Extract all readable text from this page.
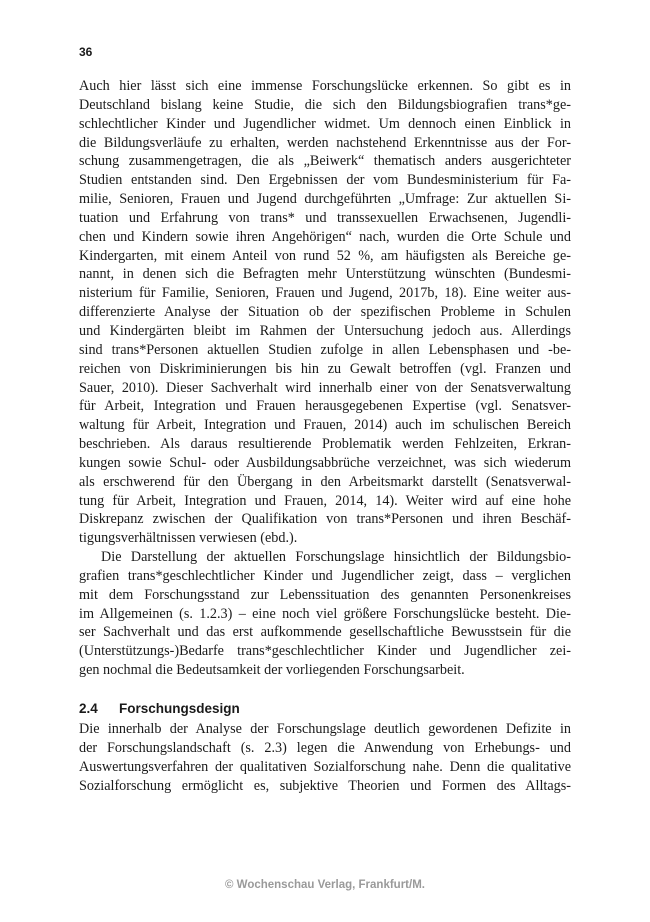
36
Auch hier lässt sich eine immense Forschungslücke erkennen. So gibt es in
Deutschland bislang keine Studie, die sich den Bildungsbiografien trans*ge-
schlechtlicher Kinder und Jugendlicher widmet. Um dennoch einen Einblick in
die Bildungsverläufe zu erhalten, werden nachstehend Erkenntnisse aus der For-
schung zusammengetragen, die als „Beiwerk“ thematisch anders ausgerichteter
Studien entstanden sind. Den Ergebnissen der vom Bundesministerium für Fa-
milie, Senioren, Frauen und Jugend durchgeführten „Umfrage: Zur aktuellen Si-
tuation und Erfahrung von trans* und transsexuellen Erwachsenen, Jugendli-
chen und Kindern sowie ihren Angehörigen“ nach, wurden die Orte Schule und
Kindergarten, mit einem Anteil von rund 52 %, am häufigsten als Bereiche ge-
nannt, in denen sich die Befragten mehr Unterstützung wünschten (Bundesmi-
nisterium für Familie, Senioren, Frauen und Jugend, 2017b, 18). Eine weiter aus-
differenzierte Analyse der Situation ob der spezifischen Probleme in Schulen
und Kindergärten bleibt im Rahmen der Untersuchung jedoch aus. Allerdings
sind trans*Personen aktuellen Studien zufolge in allen Lebensphasen und -be-
reichen von Diskriminierungen bis hin zu Gewalt betroffen (vgl. Franzen und
Sauer, 2010). Dieser Sachverhalt wird innerhalb einer von der Senatsverwaltung
für Arbeit, Integration und Frauen herausgegebenen Expertise (vgl. Senatsver-
waltung für Arbeit, Integration und Frauen, 2014) auch im schulischen Bereich
beschrieben. Als daraus resultierende Problematik werden Fehlzeiten, Erkran-
kungen sowie Schul- oder Ausbildungsabbrüche verzeichnet, was sich wiederum
als erschwerend für den Übergang in den Arbeitsmarkt darstellt (Senatsverwal-
tung für Arbeit, Integration und Frauen, 2014, 14). Weiter wird auf eine hohe
Diskrepanz zwischen der Qualifikation von trans*Personen und ihren Beschäf-
tigungsverhältnissen verwiesen (ebd.).
Die Darstellung der aktuellen Forschungslage hinsichtlich der Bildungsbio-
grafien trans*geschlechtlicher Kinder und Jugendlicher zeigt, dass – verglichen
mit dem Forschungsstand zur Lebenssituation des genannten Personenkreises
im Allgemeinen (s. 1.2.3) – eine noch viel größere Forschungslücke besteht. Die-
ser Sachverhalt und das erst aufkommende gesellschaftliche Bewusstsein für die
(Unterstützungs-)Bedarfe trans*geschlechtlicher Kinder und Jugendlicher zei-
gen nochmal die Bedeutsamkeit der vorliegenden Forschungsarbeit.
2.4 Forschungsdesign
Die innerhalb der Analyse der Forschungslage deutlich gewordenen Defizite in
der Forschungslandschaft (s. 2.3) legen die Anwendung von Erhebungs- und
Auswertungsverfahren der qualitativen Sozialforschung nahe. Denn die qualitative
Sozialforschung ermöglicht es, subjektive Theorien und Formen des Alltags-
© Wochenschau Verlag, Frankfurt/M.
